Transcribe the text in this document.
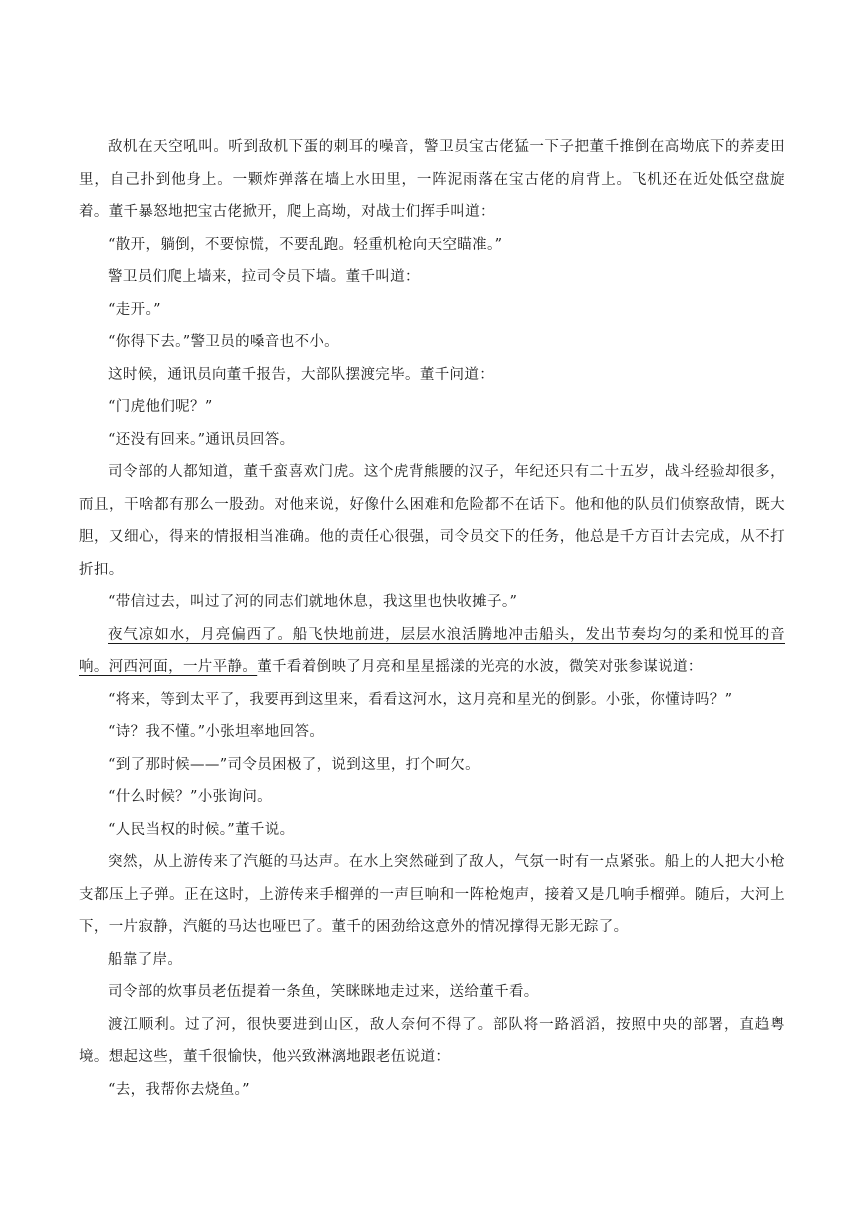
敌机在天空吼叫。听到敌机下蛋的刺耳的噪音，警卫员宝古佬猛一下子把董千推倒在高坳底下的荞麦田里，自己扑到他身上。一颗炸弹落在墙上水田里，一阵泥雨落在宝古佬的肩背上。飞机还在近处低空盘旋着。董千暴怒地把宝古佬掀开，爬上高坳，对战士们挥手叫道：

“散开，躺倒，不要惊慌，不要乱跑。轻重机枪向天空瞄准。”

警卫员们爬上墙来，拉司令员下墙。董千叫道：

“走开。”

“你得下去。”警卫员的嗓音也不小。

这时候，通讯员向董千报告，大部队摆渡完毕。董千问道：

“门虎他们呢？”

“还没有回来。”通讯员回答。

司令部的人都知道，董千蛮喜欢门虎。这个虎背熊腰的汉子，年纪还只有二十五岁，战斗经验却很多，而且，干啥都有那么一股劲。对他来说，好像什么困难和危险都不在话下。他和他的队员们侦察敌情，既大胆，又细心，得来的情报相当准确。他的责任心很强，司令员交下的任务，他总是千方百计去完成，从不打折扣。

“带信过去，叫过了河的同志们就地休息，我这里也快收摊子。”

夜气凉如水，月亮偏西了。船飞快地前进，层层水浪活腾地冲击船头，发出节奏均匀的柔和悦耳的音响。河西河面，一片平静。董千看着倒映了月亮和星星摇漾的光亮的水波，微笑对张参谋说道：

“将来，等到太平了，我要再到这里来，看看这河水，这月亮和星光的倒影。小张，你懂诗吗？”

“诗？我不懂。”小张坦率地回答。

“到了那时候——”司令员困极了，说到这里，打个呵欠。

“什么时候？”小张询问。

“人民当权的时候。”董千说。

突然，从上游传来了汽艇的马达声。在水上突然碰到了敌人，气氛一时有一点紧张。船上的人把大小枪支都压上子弹。正在这时，上游传来手榴弹的一声巨响和一阵枪炮声，接着又是几响手榴弹。随后，大河上下，一片寂静，汽艇的马达也哑巴了。董千的困劲给这意外的情况撑得无影无踪了。

船靠了岸。

司令部的炊事员老伍提着一条鱼，笑眯眯地走过来，送给董千看。

渡江顺利。过了河，很快要进到山区，敌人奈何不得了。部队将一路滔滔，按照中央的部署，直趋粤境。想起这些，董千很愉快，他兴致淋漓地跟老伍说道：

“去，我帮你去烧鱼。”
